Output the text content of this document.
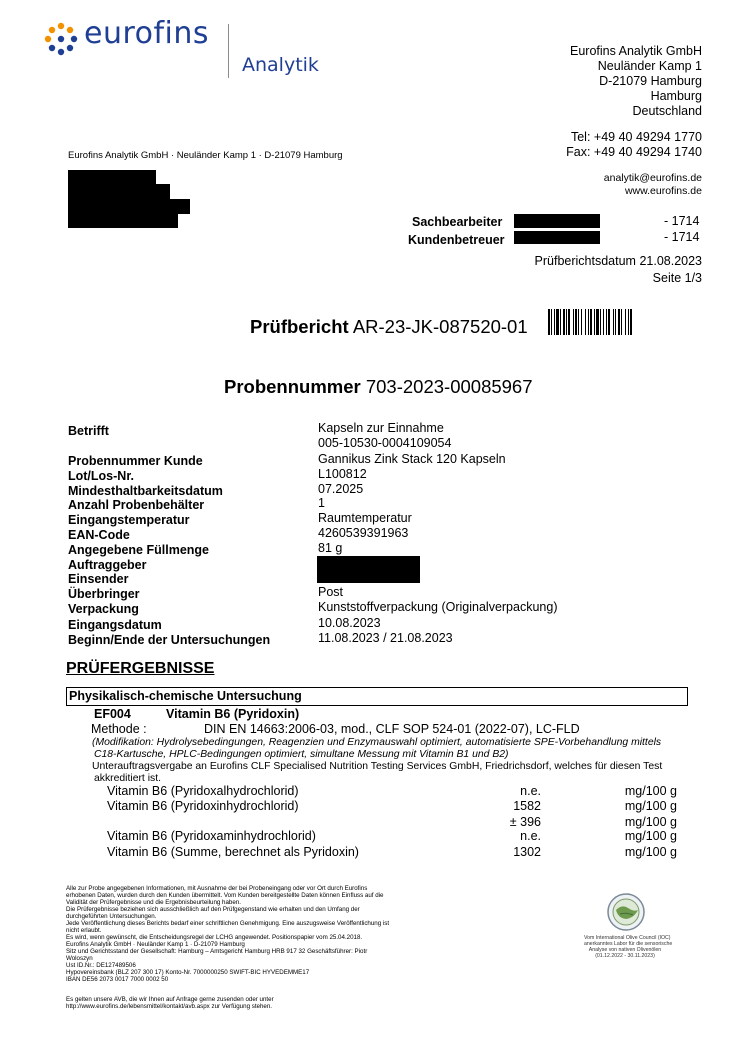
eurofins
Analytik
Eurofins Analytik GmbH
Neuländer Kamp 1
D-21079 Hamburg
Hamburg
Deutschland
Tel: +49 40 49294 1770
Fax: +49 40 49294 1740
analytik@eurofins.de
www.eurofins.de
Eurofins Analytik GmbH · Neuländer Kamp 1 · D-21079 Hamburg
Sachbearbeiter	- 1714
Kundenbetreuer	- 1714
Prüfberichtsdatum 21.08.2023
Seite 1/3
Prüfbericht AR-23-JK-087520-01
Probennummer 703-2023-00085967
Betrifft	Kapseln zur Einnahme
005-10530-0004109054
Probennummer Kunde	Gannikus Zink Stack 120 Kapseln
Lot/Los-Nr.	L100812
Mindesthaltbarkeitsdatum	07.2025
Anzahl Probenbehälter	1
Eingangstemperatur	Raumtemperatur
EAN-Code	4260539391963
Angegebene Füllmenge	81 g
Auftraggeber
Einsender
Überbringer	Post
Verpackung	Kunststoffverpackung (Originalverpackung)
Eingangsdatum	10.08.2023
Beginn/Ende der Untersuchungen	11.08.2023 / 21.08.2023
PRÜFERGEBNISSE
Physikalisch-chemische Untersuchung
EF004	Vitamin B6 (Pyridoxin)
Methode :	DIN EN 14663:2006-03, mod., CLF SOP 524-01 (2022-07), LC-FLD
(Modifikation: Hydrolysebedingungen, Reagenzien und Enzymauswahl optimiert, automatisierte SPE-Vorbehandlung mittels
C18-Kartusche, HPLC-Bedingungen optimiert, simultane Messung mit Vitamin B1 und B2)
Unterauftragsvergabe an Eurofins CLF Specialised Nutrition Testing Services GmbH, Friedrichsdorf, welches für diesen Test
akkreditiert ist.
Vitamin B6 (Pyridoxalhydrochlorid)	n.e.	mg/100 g
Vitamin B6 (Pyridoxinhydrochlorid)	1582	mg/100 g
± 396	mg/100 g
Vitamin B6 (Pyridoxaminhydrochlorid)	n.e.	mg/100 g
Vitamin B6 (Summe, berechnet als Pyridoxin)	1302	mg/100 g
Alle zur Probe angegebenen Informationen, mit Ausnahme der bei Probeneingang oder vor Ort durch Eurofins
erhobenen Daten, wurden durch den Kunden übermittelt. Vom Kunden bereitgestellte Daten können Einfluss auf die
Validität der Prüfergebnisse und die Ergebnisbeurteilung haben.
Die Prüfergebnisse beziehen sich ausschließlich auf den Prüfgegenstand wie erhalten und den Umfang der
durchgeführten Untersuchungen.
Jede Veröffentlichung dieses Berichts bedarf einer schriftlichen Genehmigung. Eine auszugsweise Veröffentlichung ist
nicht erlaubt.
Es wird, wenn gewünscht, die Entscheidungsregel der LCHG angewendet. Positionspapier vom 25.04.2018.
Eurofins Analytik GmbH · Neuländer Kamp 1 · D-21079 Hamburg
Sitz und Gerichtsstand der Gesellschaft: Hamburg – Amtsgericht Hamburg HRB 917 32 Geschäftsführer: Piotr
Woloszyn
Ust ID.Nr.: DE127489506
Hypovereinsbank (BLZ 207 300 17) Konto-Nr. 7000000250 SWIFT-BIC HYVEDEMME17
IBAN DE56 2073 0017 7000 0002 50
Es gelten unsere AVB, die wir Ihnen auf Anfrage gerne zusenden oder unter
http://www.eurofins.de/lebensmittel/kontakt/avb.aspx zur Verfügung stehen.
Vom International Olive Council (IOC)
anerkanntes Labor für die sensorische
Analyse von nativen Olivenölen
(01.12.2022 - 30.11.2023)
